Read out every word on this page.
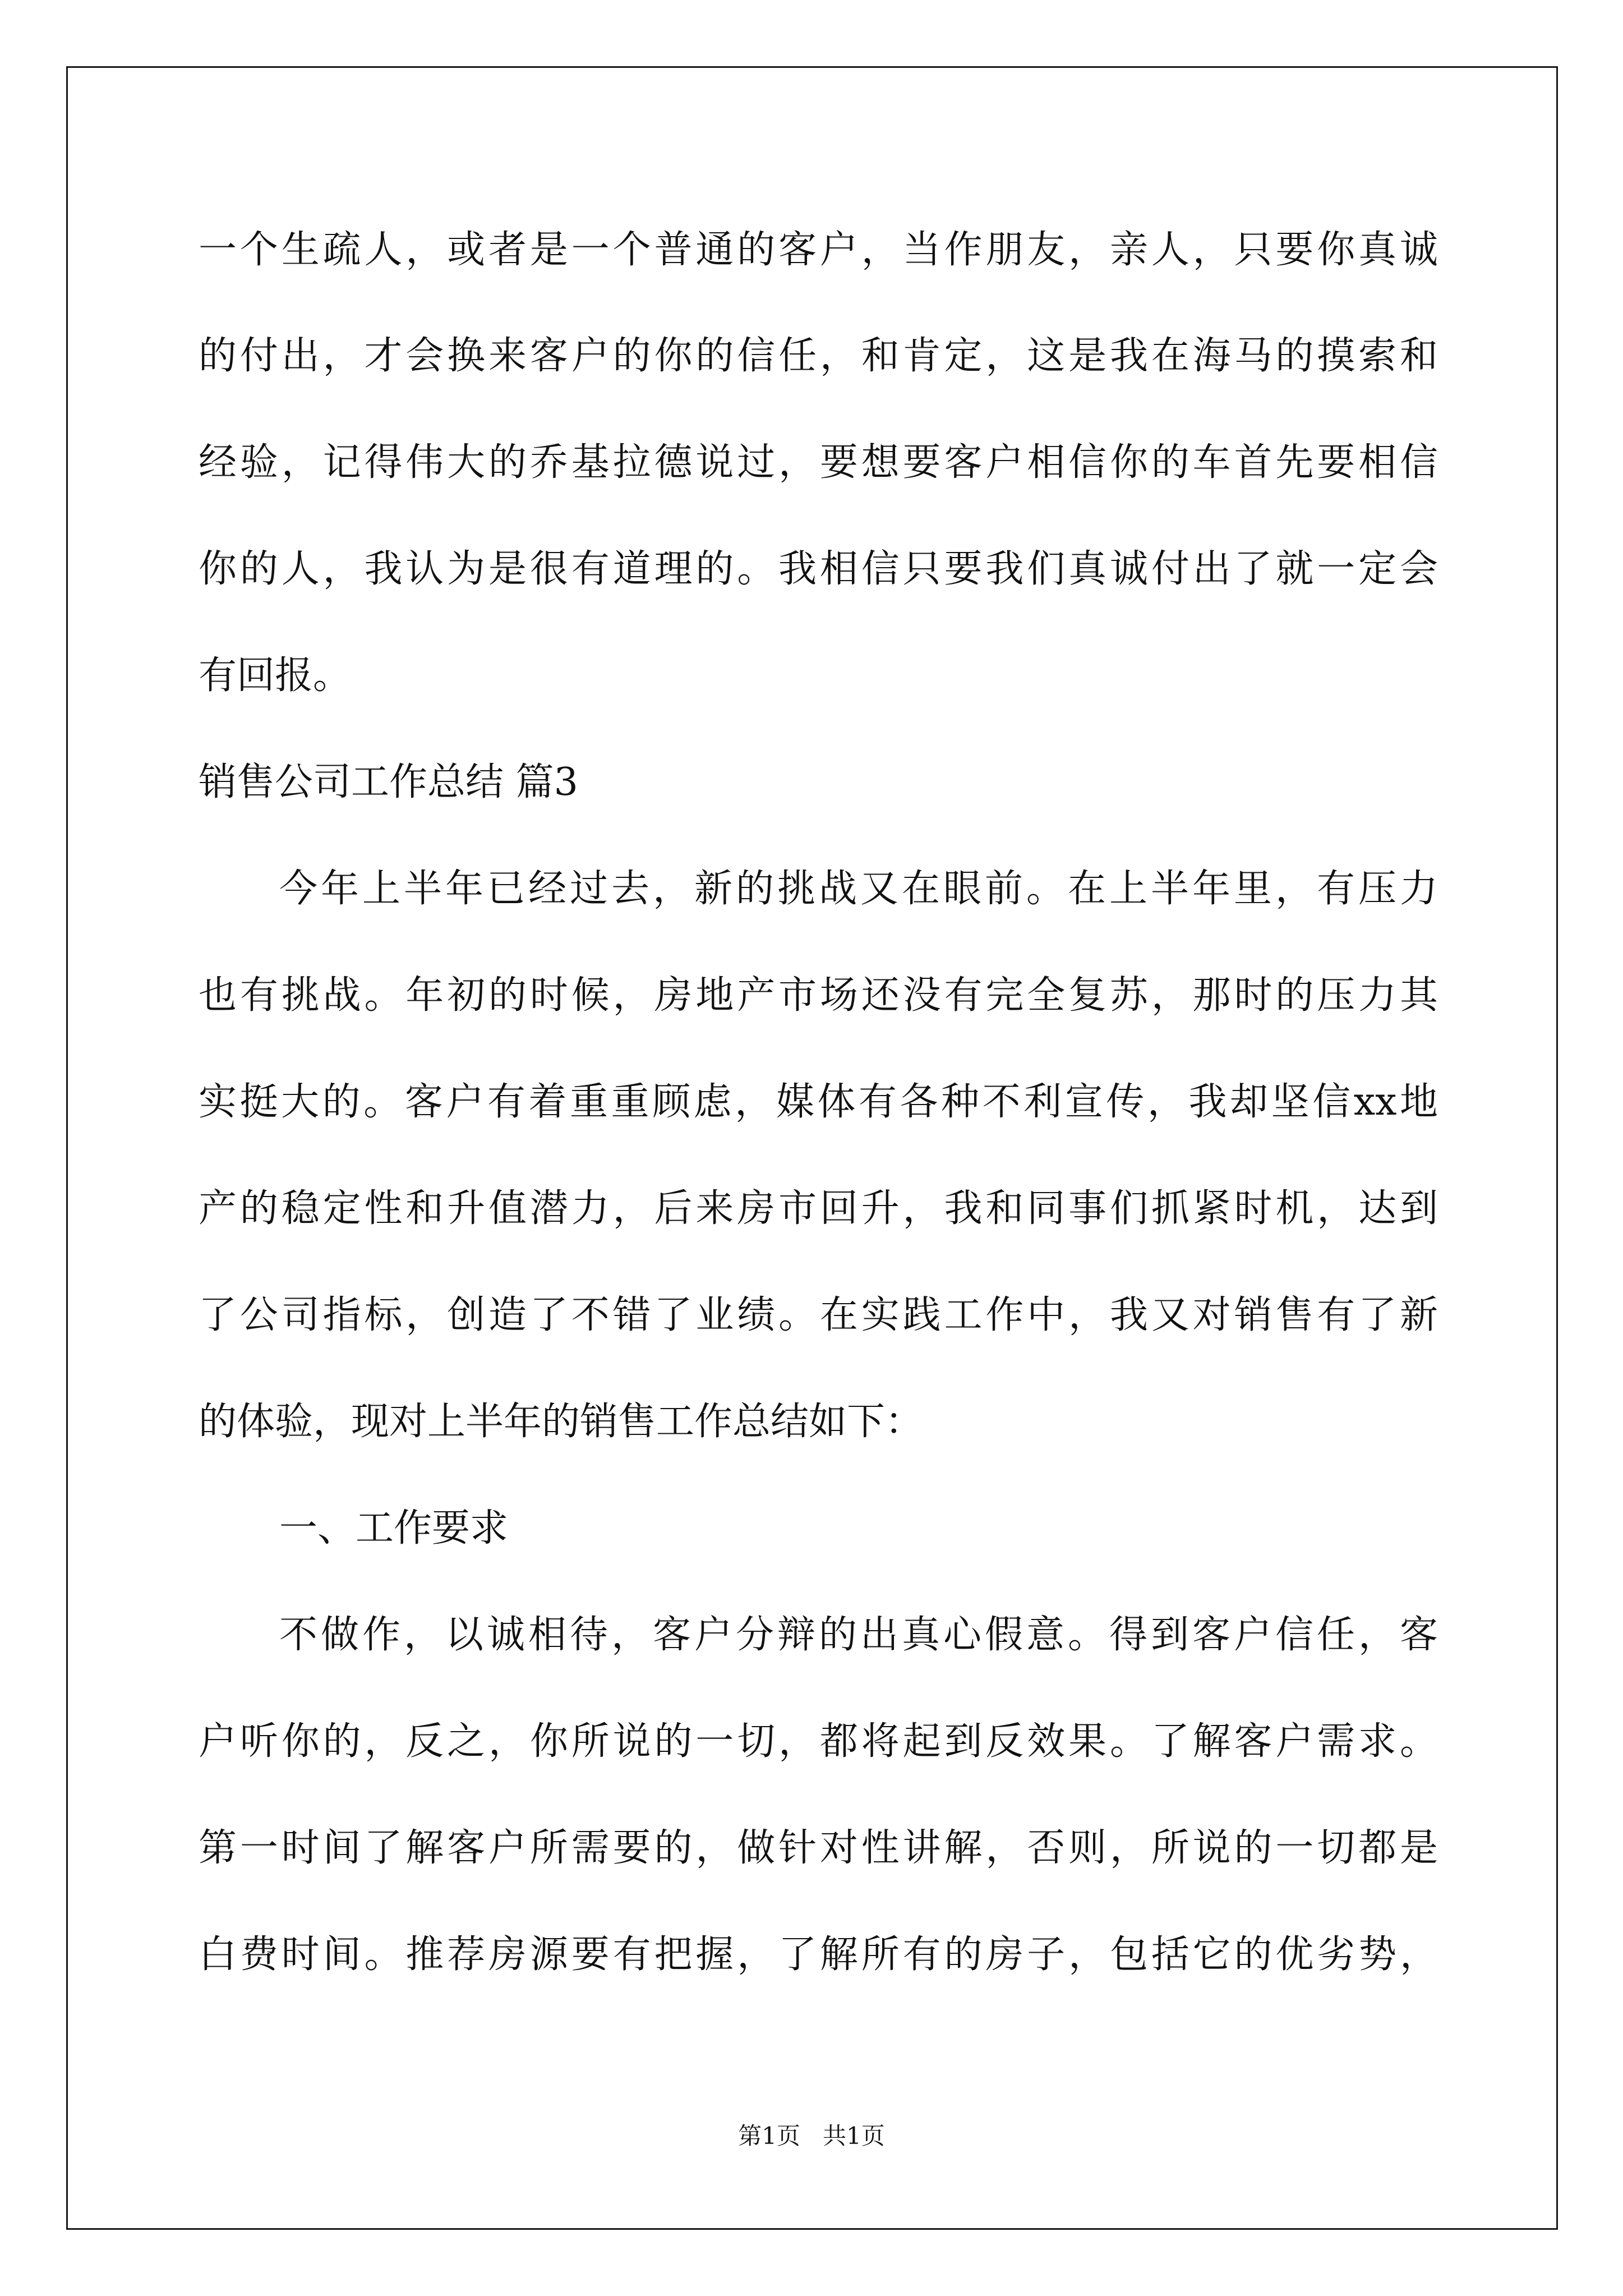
一个生疏人，或者是一个普通的客户，当作朋友，亲人，只要你真诚
的付出，才会换来客户的你的信任，和肯定，这是我在海马的摸索和
经验，记得伟大的乔基拉德说过，要想要客户相信你的车首先要相信
你的人，我认为是很有道理的。我相信只要我们真诚付出了就一定会
有回报。
销售公司工作总结 篇3
今年上半年已经过去，新的挑战又在眼前。在上半年里，有压力
也有挑战。年初的时候，房地产市场还没有完全复苏，那时的压力其
实挺大的。客户有着重重顾虑，媒体有各种不利宣传，我却坚信xx地
产的稳定性和升值潜力，后来房市回升，我和同事们抓紧时机，达到
了公司指标，创造了不错了业绩。在实践工作中，我又对销售有了新
的体验，现对上半年的销售工作总结如下：
一、工作要求
不做作，以诚相待，客户分辩的出真心假意。得到客户信任，客
户听你的，反之，你所说的一切，都将起到反效果。了解客户需求。
第一时间了解客户所需要的，做针对性讲解，否则，所说的一切都是
白费时间。推荐房源要有把握，了解所有的房子，包括它的优劣势，
第1页   共1页
